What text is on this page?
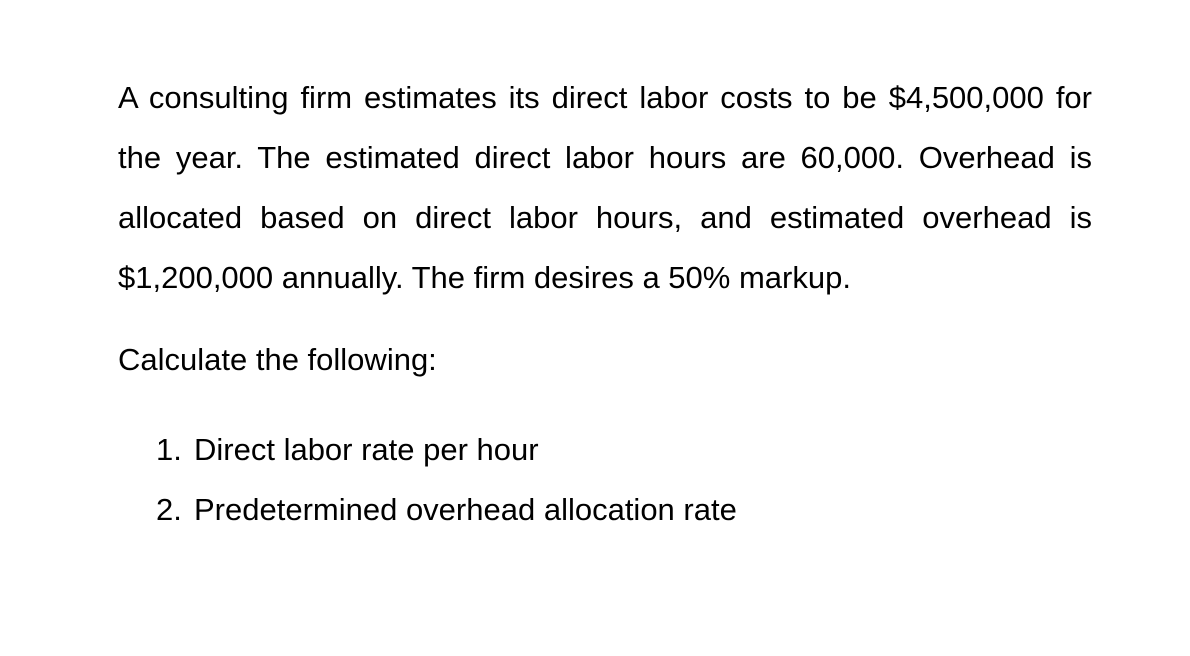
A consulting firm estimates its direct labor costs to be $4,500,000 for the year. The estimated direct labor hours are 60,000. Overhead is allocated based on direct labor hours, and estimated overhead is $1,200,000 annually. The firm desires a 50% markup.

Calculate the following:

1. Direct labor rate per hour
2. Predetermined overhead allocation rate
